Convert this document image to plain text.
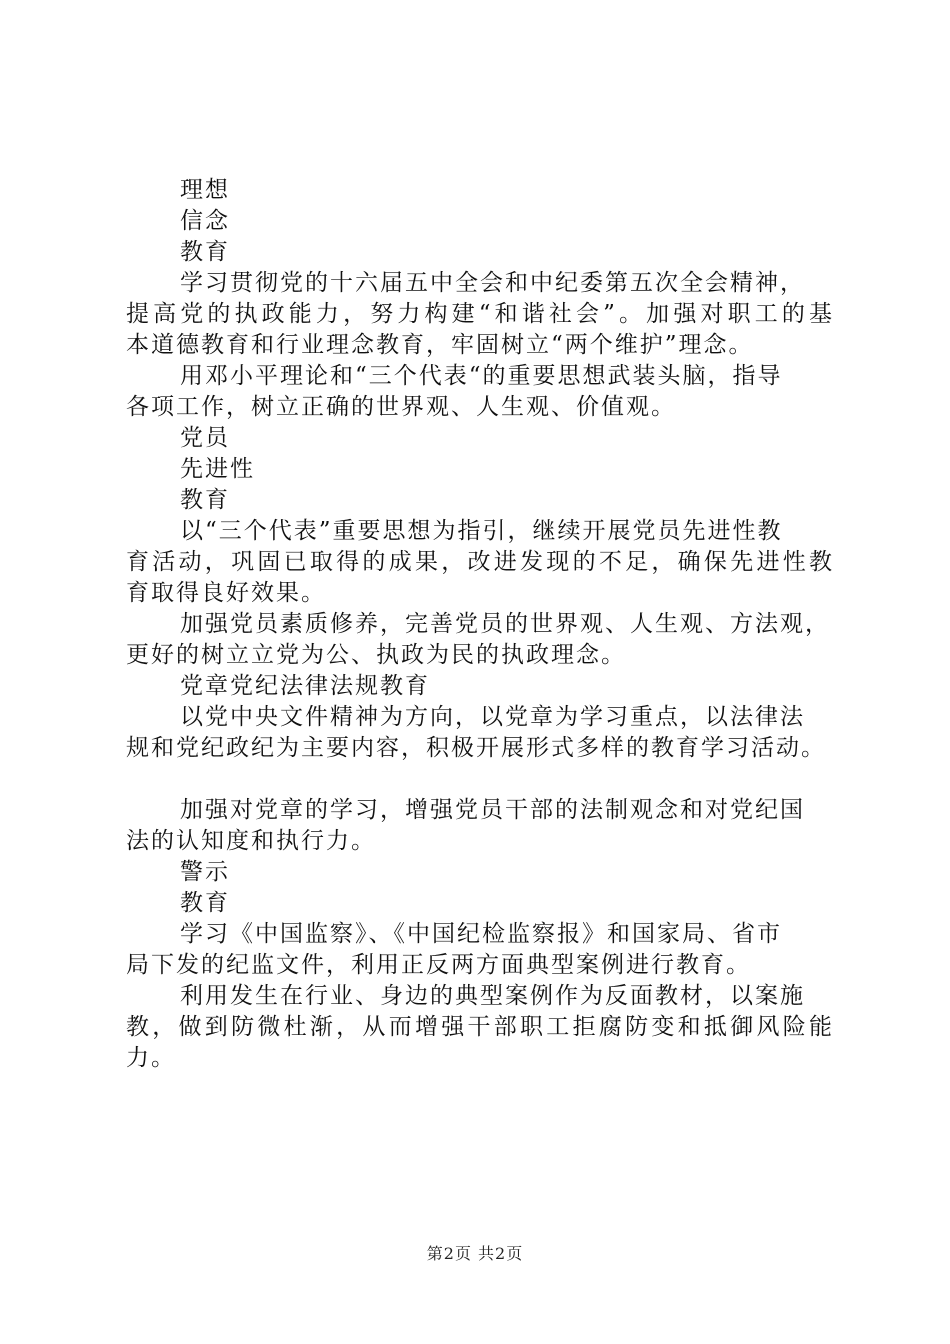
理想
信念
教育
学习贯彻党的十六届五中全会和中纪委第五次全会精神，
提高党的执政能力，努力构建“和谐社会”。加强对职工的基
本道德教育和行业理念教育，牢固树立“两个维护”理念。
用邓小平理论和“三个代表“的重要思想武装头脑，指导
各项工作，树立正确的世界观、人生观、价值观。
党员
先进性
教育
以“三个代表”重要思想为指引，继续开展党员先进性教
育活动，巩固已取得的成果，改进发现的不足，确保先进性教
育取得良好效果。
加强党员素质修养，完善党员的世界观、人生观、方法观，
更好的树立立党为公、执政为民的执政理念。
党章党纪法律法规教育
以党中央文件精神为方向，以党章为学习重点，以法律法
规和党纪政纪为主要内容，积极开展形式多样的教育学习活动。
加强对党章的学习，增强党员干部的法制观念和对党纪国
法的认知度和执行力。
警示
教育
学习《中国监察》、《中国纪检监察报》和国家局、省市
局下发的纪监文件，利用正反两方面典型案例进行教育。
利用发生在行业、身边的典型案例作为反面教材，以案施
教，做到防微杜渐，从而增强干部职工拒腐防变和抵御风险能
力。
第2页 共2页
